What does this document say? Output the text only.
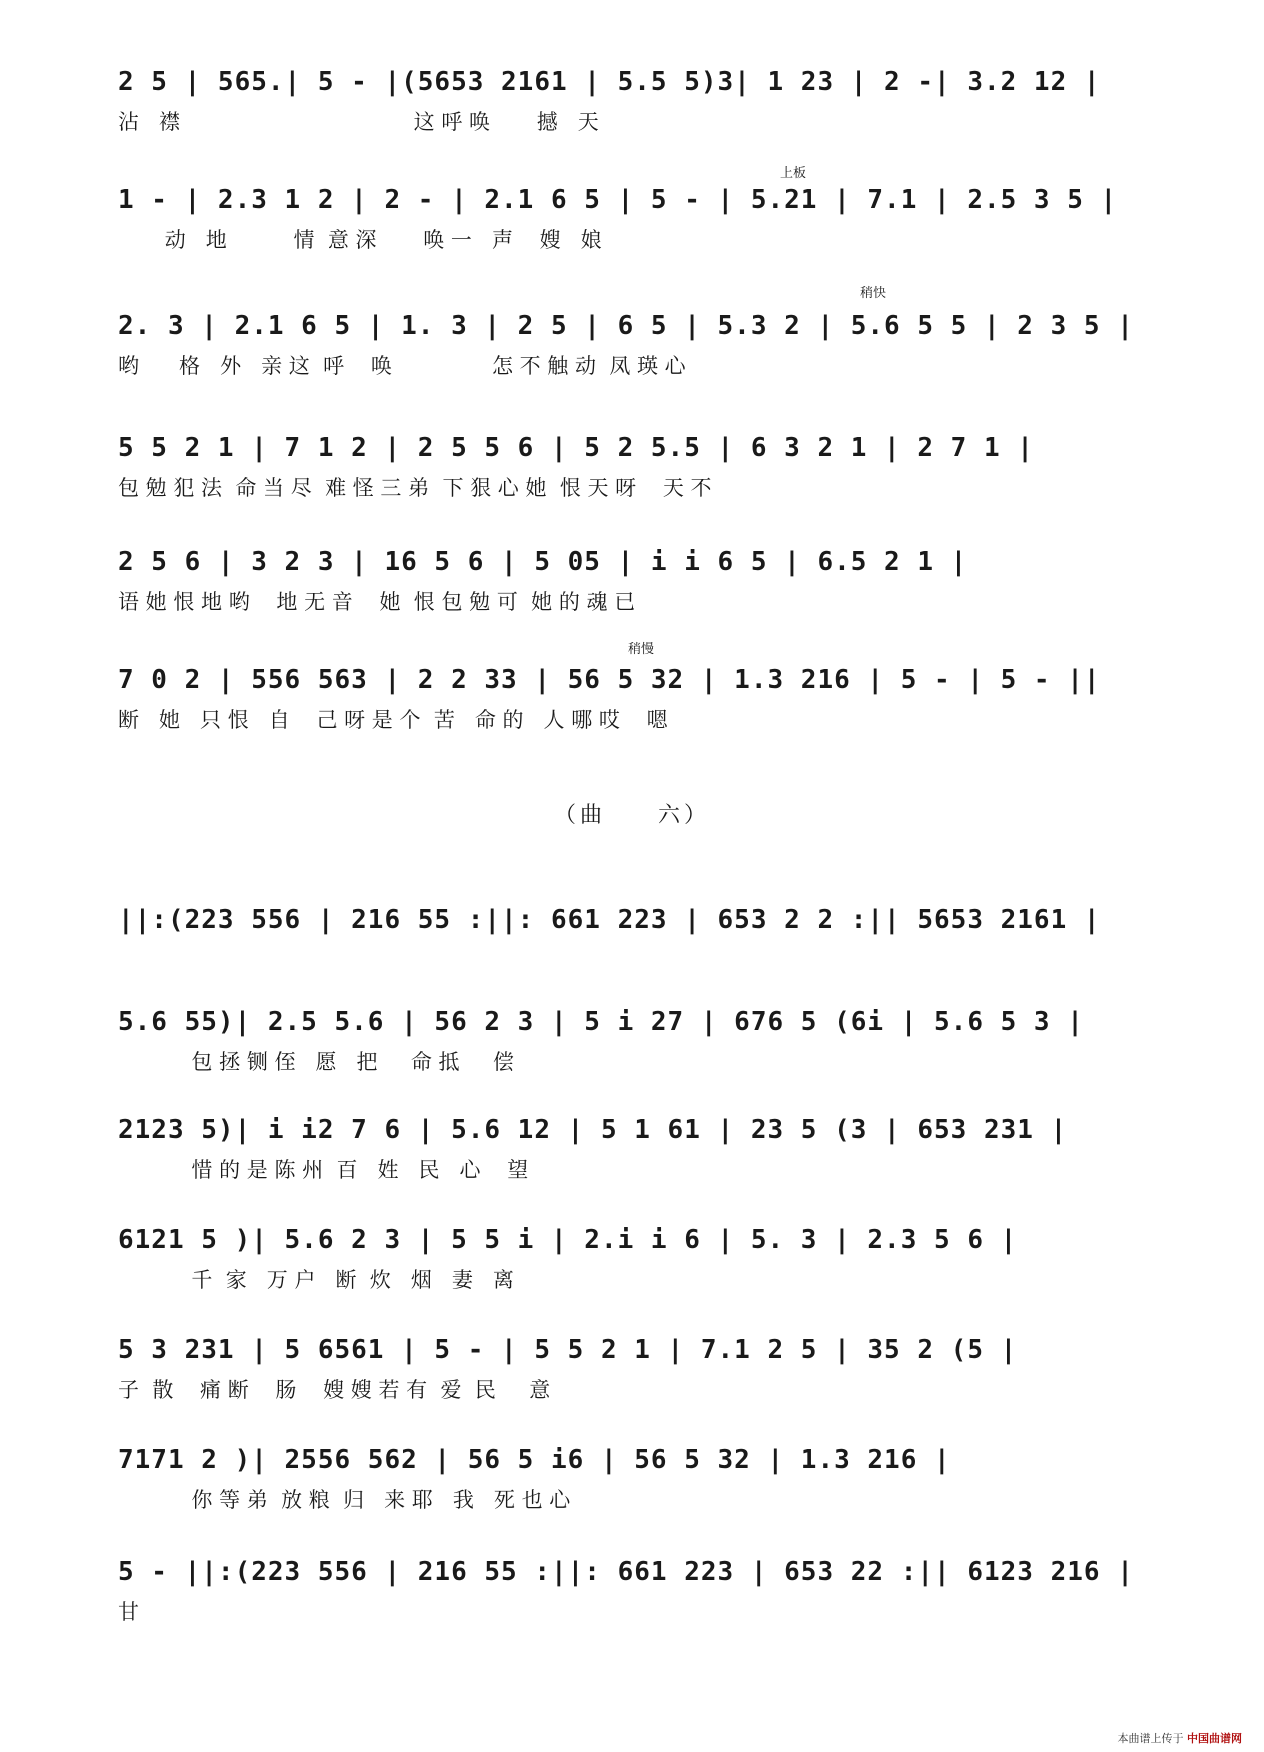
2 5 | 565.| 5 - |(5653 2161 | 5.5 5)3| 1 23 | 2 -| 3.2 12 |
沾   襟                                   这 呼 唤       撼   天
1 - | 2.3 1 2 | 2 - | 2.1 6 5 | 5 - | 5.21 | 7.1 | 2.5 3 5 |
动   地          情  意 深       唤 一   声    嫂   娘
2. 3 | 2.1 6 5 | 1. 3 | 2 5 | 6 5 | 5.3 2 | 5.6 5 5 | 2 3 5 |
哟      格   外   亲 这  呼    唤               怎 不 触 动  凤 瑛 心
5 5 2 1 | 7 1 2 | 2 5 5 6 | 5 2 5.5 | 6 3 2 1 | 2 7 1 |
包 勉 犯 法  命 当 尽  难 怪 三 弟  下 狠 心 她  恨 天 呀    天 不
2 5 6 | 3 2 3 | 16 5 6 | 5 05 | i i 6 5 | 6.5 2 1 |
语 她 恨 地 哟    地 无 音    她  恨 包 勉 可  她 的 魂 已
7 0 2 | 556 563 | 2 2 33 | 56 5 32 | 1.3 216 | 5 - | 5 - ||
断   她   只 恨   自    己 呀 是 个  苦   命 的   人 哪 哎    嗯
||:(223 556 | 216 55 :||: 661 223 | 653 2 2 :|| 5653 2161 |
5.6 55)| 2.5 5.6 | 56 2 3 | 5 i 27 | 676 5 (6i | 5.6 5 3 |
包 拯 铡 侄   愿   把     命 抵     偿
2123 5)| i i2 7 6 | 5.6 12 | 5 1 61 | 23 5 (3 | 653 231 |
惜 的 是 陈 州  百   姓   民   心    望
6121 5 )| 5.6 2 3 | 5 5 i | 2.i i 6 | 5. 3 | 2.3 5 6 |
千  家   万 户   断  炊   烟   妻   离
5 3 231 | 5 6561 | 5 - | 5 5 2 1 | 7.1 2 5 | 35 2 (5 |
子  散    痛 断    肠    嫂 嫂 若 有  爱  民     意
7171 2 )| 2556 562 | 56 5 i6 | 56 5 32 | 1.3 216 |
你 等 弟  放 粮  归   来 耶   我   死 也 心
5 - ||:(223 556 | 216 55 :||: 661 223 | 653 22 :|| 6123 216 |
甘
上板
稍快
稍慢
（曲　　六）
本曲谱上传于 中国曲谱网
